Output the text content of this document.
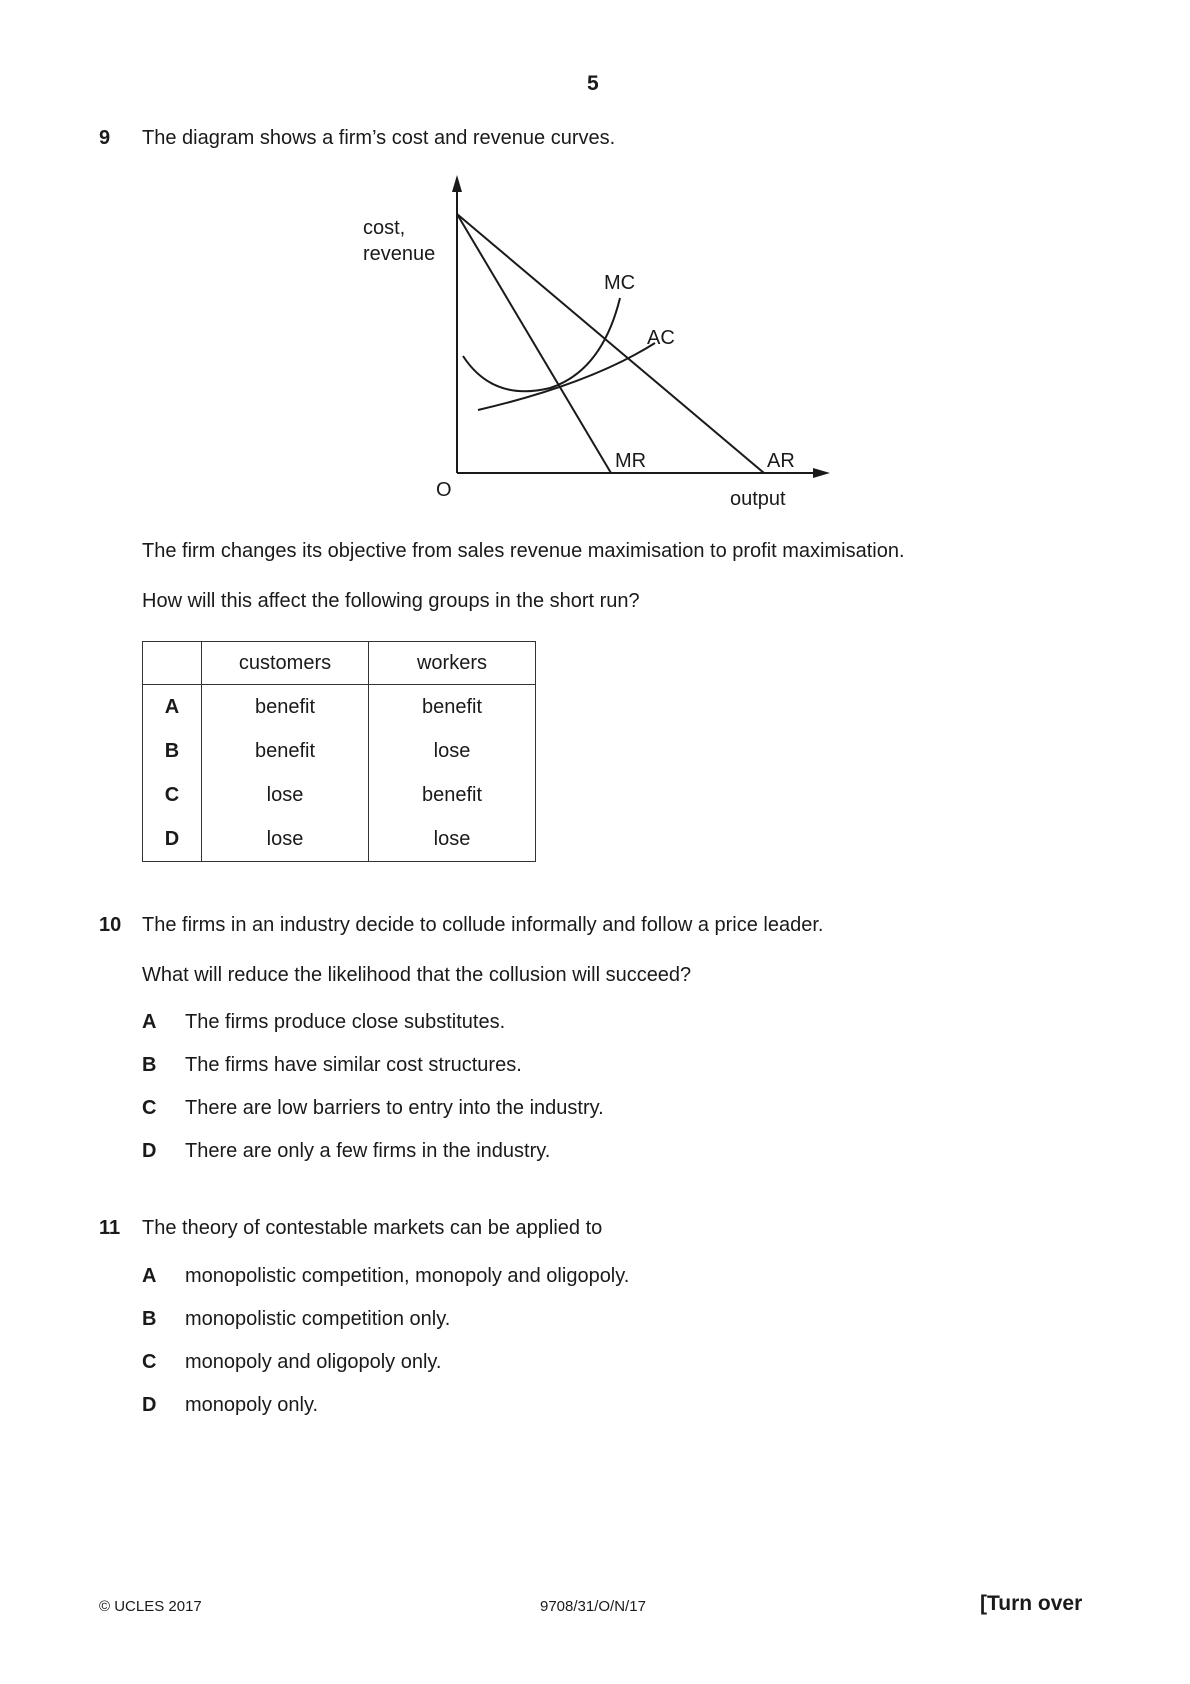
5
9 The diagram shows a firm’s cost and revenue curves.
cost,
revenue
MC
AC
MR	AR
O	output
The firm changes its objective from sales revenue maximisation to profit maximisation.
How will this affect the following groups in the short run?
	customers	workers
A	benefit	benefit
B	benefit	lose
C	lose	benefit
D	lose	lose
10 The firms in an industry decide to collude informally and follow a price leader.
What will reduce the likelihood that the collusion will succeed?
A The firms produce close substitutes.
B The firms have similar cost structures.
C There are low barriers to entry into the industry.
D There are only a few firms in the industry.
11 The theory of contestable markets can be applied to
A monopolistic competition, monopoly and oligopoly.
B monopolistic competition only.
C monopoly and oligopoly only.
D monopoly only.
© UCLES 2017	9708/31/O/N/17	[Turn over
